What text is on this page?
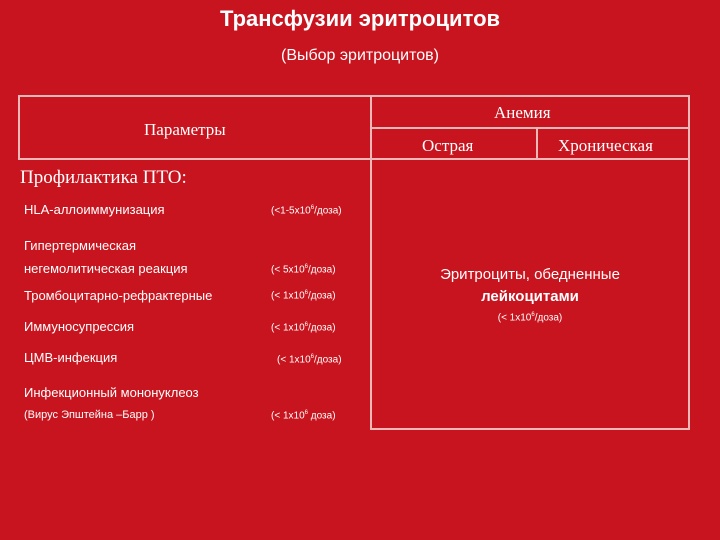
Трансфузии эритроцитов
(Выбор эритроцитов)
Параметры
Анемия
Острая	Хроническая
Профилактика ПТО:
HLA-аллоиммунизация	$(<1-5х10^6/доза)$
Гипертермическая
негемолитическая реакция	(< $5х10^6/доза$)
Тромбоцитарно-рефрактерные	(< $1х10^6/доза$)
Иммуносупрессия	(< $1х10^6/доза$)
ЦМВ-инфекция	(< $1х10^6/доза$)
Инфекционный мононуклеоз
(Вирус Эпштейна –Барр )	(< $1х10^6$ доза)
Эритроциты, обедненные
лейкоцитами
(< $1х10^6/доза$)
